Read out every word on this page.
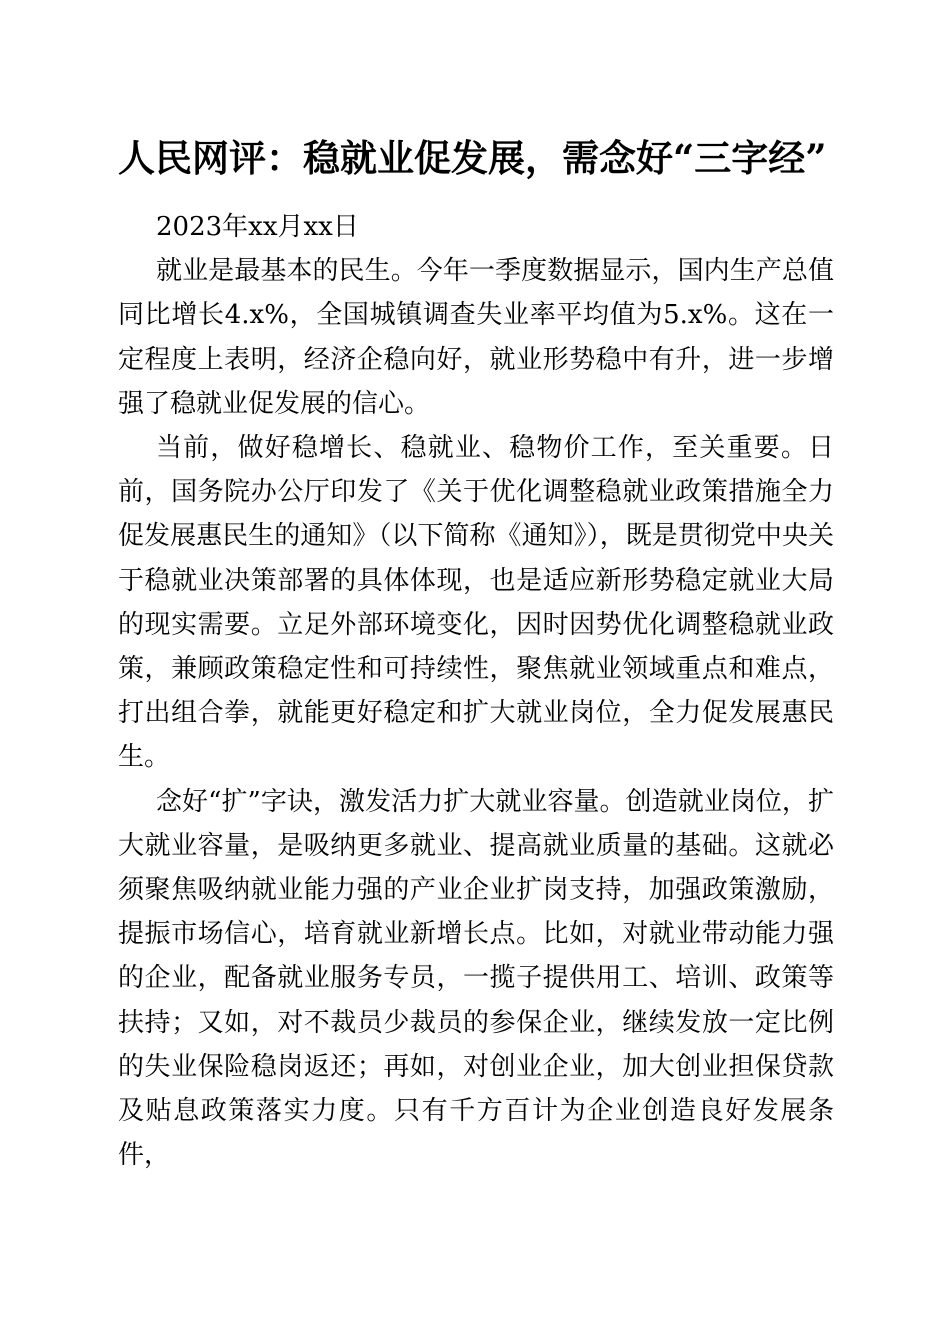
人民网评：稳就业促发展，需念好“三字经”

2023年xx月xx日

就业是最基本的民生。今年一季度数据显示，国内生产总值同比增长4.x%，全国城镇调查失业率平均值为5.x%。这在一定程度上表明，经济企稳向好，就业形势稳中有升，进一步增强了稳就业促发展的信心。

当前，做好稳增长、稳就业、稳物价工作，至关重要。日前，国务院办公厅印发了《关于优化调整稳就业政策措施全力促发展惠民生的通知》（以下简称《通知》），既是贯彻党中央关于稳就业决策部署的具体体现，也是适应新形势稳定就业大局的现实需要。立足外部环境变化，因时因势优化调整稳就业政策，兼顾政策稳定性和可持续性，聚焦就业领域重点和难点，打出组合拳，就能更好稳定和扩大就业岗位，全力促发展惠民生。

念好“扩”字诀，激发活力扩大就业容量。创造就业岗位，扩大就业容量，是吸纳更多就业、提高就业质量的基础。这就必须聚焦吸纳就业能力强的产业企业扩岗支持，加强政策激励，提振市场信心，培育就业新增长点。比如，对就业带动能力强的企业，配备就业服务专员，一揽子提供用工、培训、政策等扶持；又如，对不裁员少裁员的参保企业，继续发放一定比例的失业保险稳岗返还；再如，对创业企业，加大创业担保贷款及贴息政策落实力度。只有千方百计为企业创造良好发展条件，
